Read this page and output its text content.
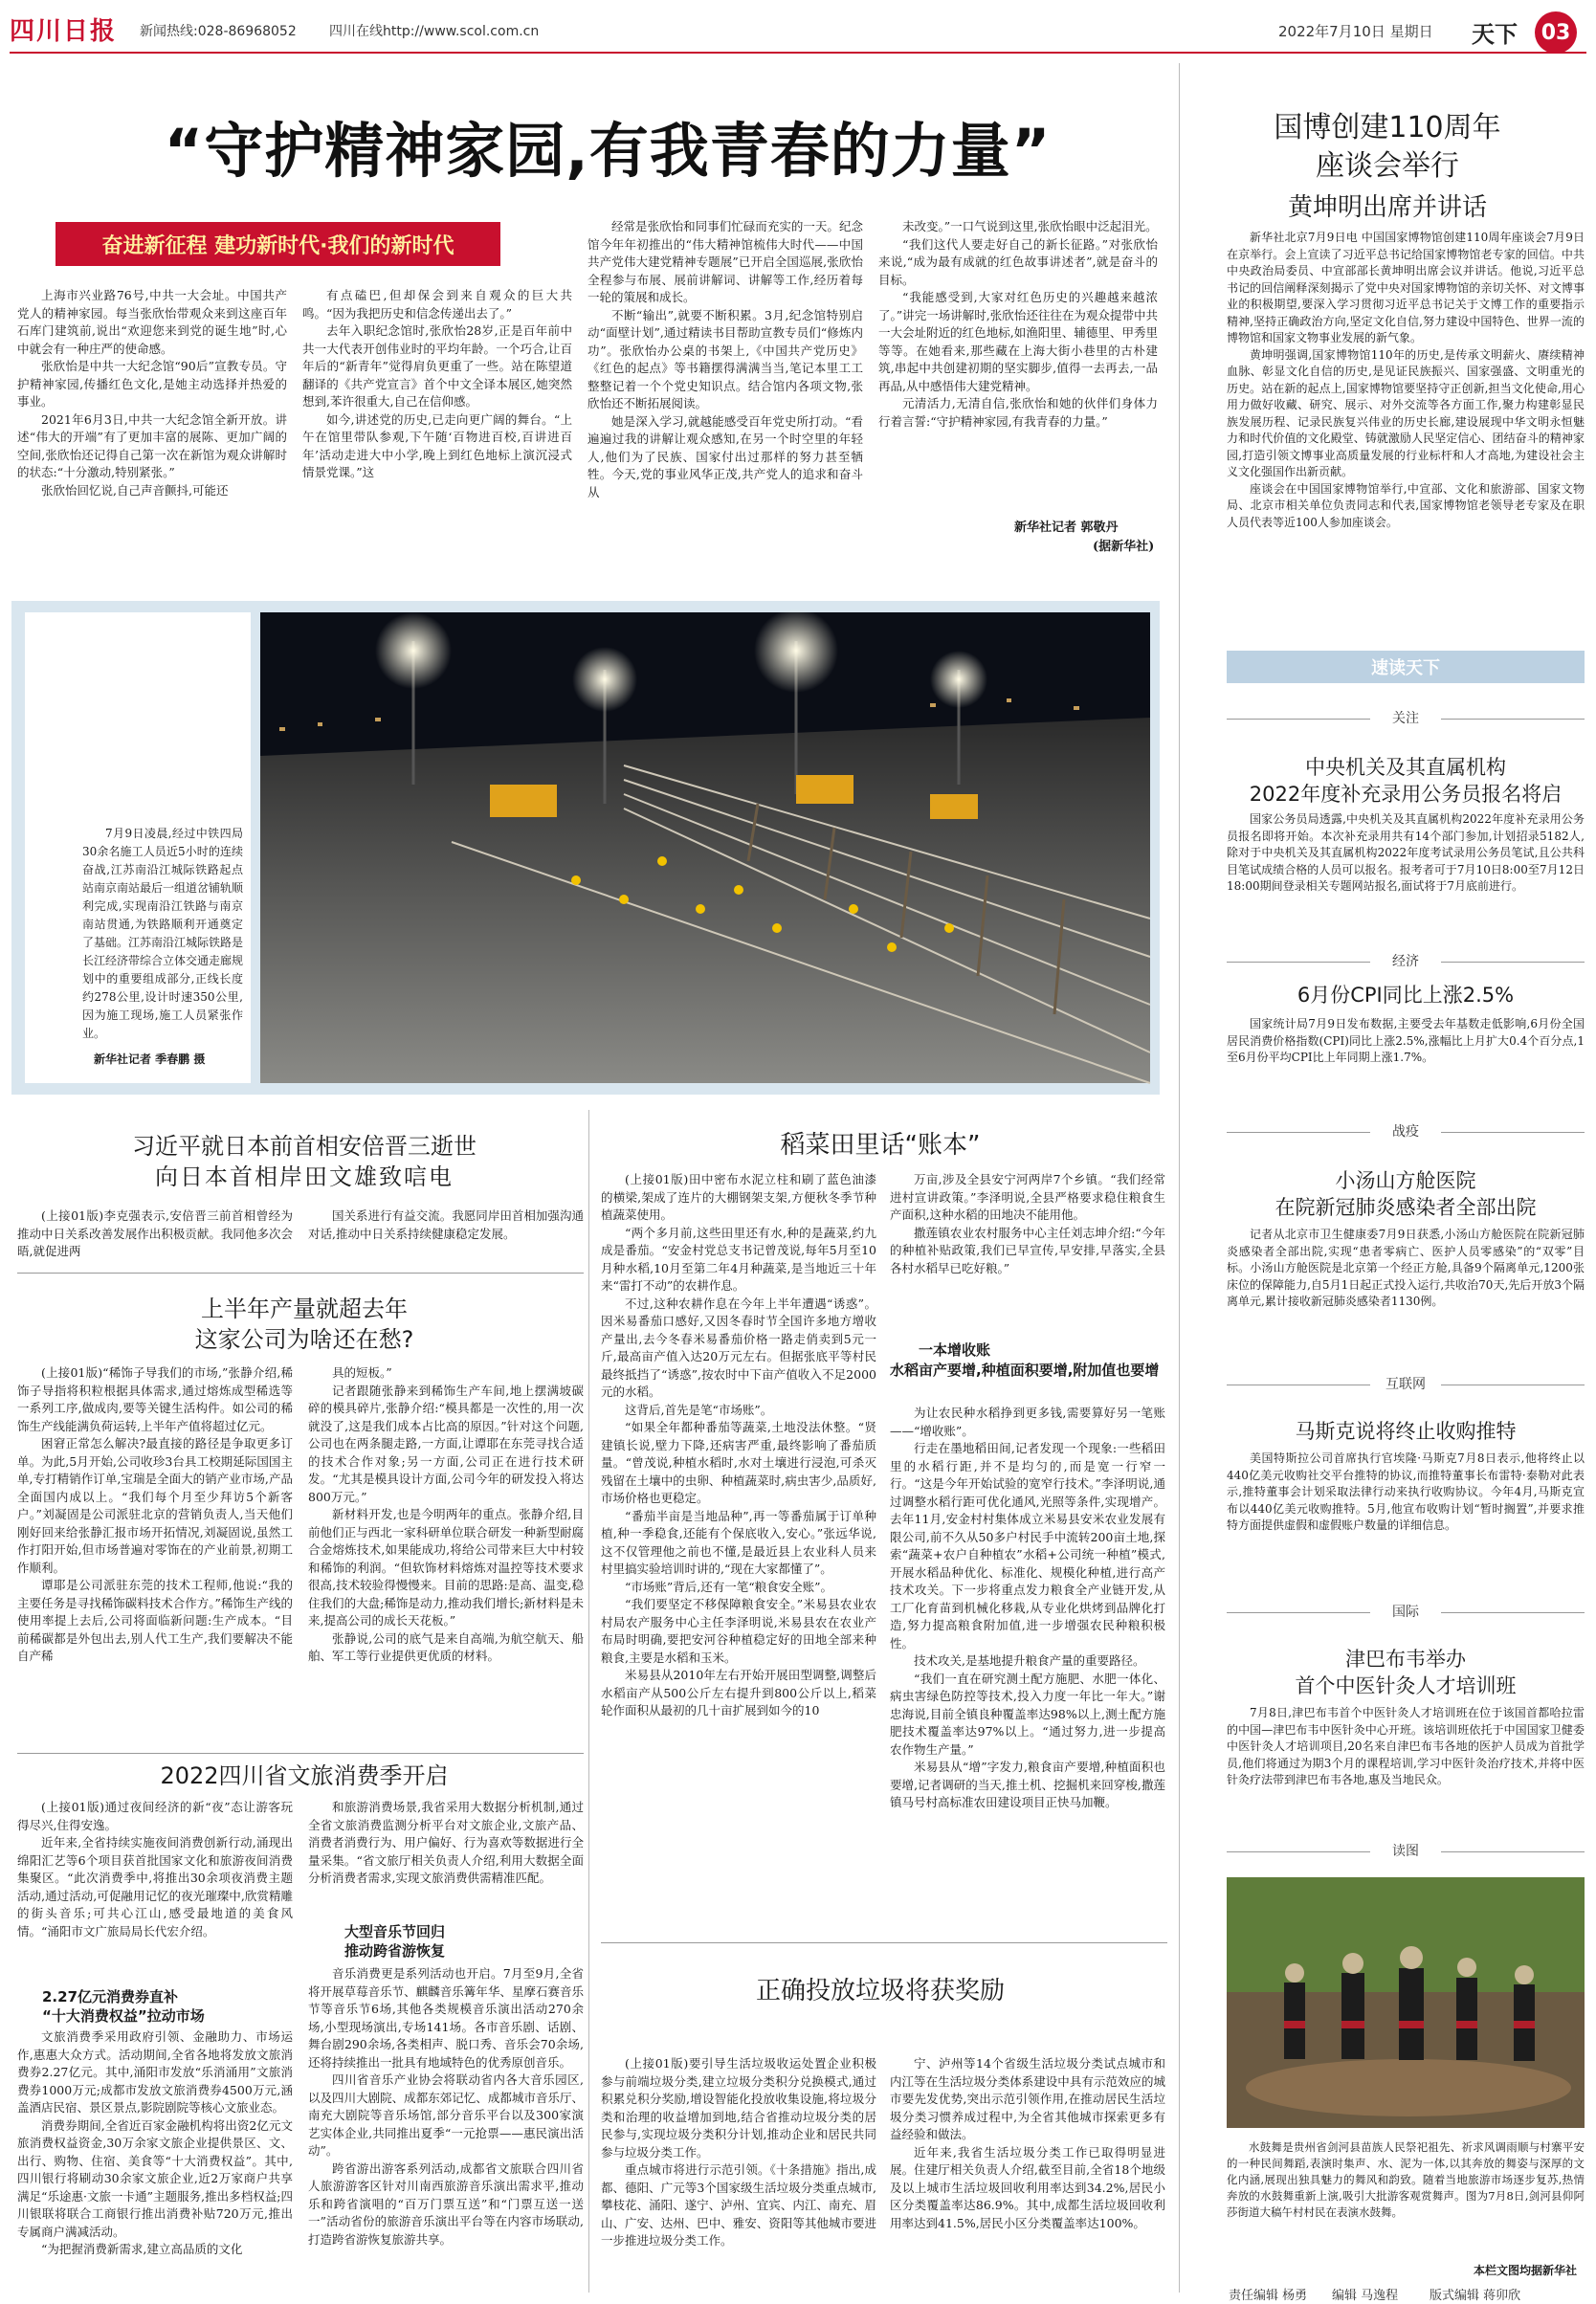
四川日报	新闻热线:028-86968052 四川在线http://www.scol.com.cn	2022年7月10日 星期日 天下	03
“守护精神家园,有我青春的力量”
奋进新征程 建功新时代·我们的新时代

上海市兴业路76号,中共一大会址。中国共产党人的精神家园。每当张欣怡带观众来到这座百年石库门建筑前,说出“欢迎您来到党的诞生地”时,心中就会有一种庄严的使命感。

张欣怡是中共一大纪念馆“90后”宣教专员。守护精神家园,传播红色文化,是她主动选择并热爱的事业。

2021年6月3日,中共一大纪念馆全新开放。讲述“伟大的开端”有了更加丰富的展陈、更加广阔的空间,张欣怡还记得自己第一次在新馆为观众讲解时的状态:“十分激动,特别紧张。”

张欣怡回忆说,自己声音颤抖,可能还

有点磕巴,但却保会到来自观众的巨大共鸣。“因为我把历史和信念传递出去了。”

去年入职纪念馆时,张欣怡28岁,正是百年前中共一大代表开创伟业时的平均年龄。一个巧合,让百年后的“新青年”觉得肩负更重了一些。站在陈望道翻译的《共产党宣言》首个中文全译本展区,她突然想到,苯许很重大,自己在信仰感。

如今,讲述党的历史,已走向更广阔的舞台。“上午在馆里带队参观,下午随‘百物进百校,百讲进百年’活动走进大中小学,晚上到红色地标上演沉浸式情景党课。”这

经常是张欣怡和同事们忙碌而充实的一天。纪念馆今年年初推出的“伟大精神馆梳伟大时代——中国共产党伟大建党精神专题展”已开启全国巡展,张欣怡全程参与布展、展前讲解词、讲解等工作,经历着每一轮的策展和成长。

不断“输出”,就要不断积累。3月,纪念馆特别启动“面壁计划”,通过精读书目帮助宣教专员们“修炼内功”。张欣怡办公桌的书架上,《中国共产党历史》《红色的起点》等书籍摆得满满当当,笔记本里工工整整记着一个个党史知识点。结合馆内各项文物,张欣怡还不断拓展阅读。

她是深入学习,就越能感受百年党史所打动。“看遍遍过我的讲解让观众感知,在另一个时空里的年轻人,他们为了民族、国家付出过那样的努力甚至牺牲。今天,党的事业风华正茂,共产党人的追求和奋斗从

未改变。”一口气说到这里,张欣怡眼中泛起泪光。

“我们这代人要走好自己的新长征路。”对张欣怡来说,“成为最有成就的红色故事讲述者”,就是奋斗的目标。

“我能感受到,大家对红色历史的兴趣越来越浓了。”讲完一场讲解时,张欣怡还往往在为观众提带中共一大会址附近的红色地标,如渔阳里、辅德里、甲秀里等等。在她看来,那些藏在上海大街小巷里的古朴建筑,串起中共创建初期的坚实脚步,值得一去再去,一品再品,从中感悟伟大建党精神。

元清活力,无清自信,张欣怡和她的伙伴们身体力行着言誓:“守护精神家园,有我青春的力量。”

新华社记者 郭敬丹
(据新华社)
7月9日凌晨,经过中铁四局30余名施工人员近5小时的连续奋战,江苏南沿江城际铁路起点站南京南站最后一组道岔铺轨顺利完成,实现南沿江铁路与南京南站贯通,为铁路顺利开通奠定了基础。江苏南沿江城际铁路是长江经济带综合立体交通走廊规划中的重要组成部分,正线长度约278公里,设计时速350公里,因为施工现场,施工人员紧张作业。
新华社记者 季春鹏 摄
习近平就日本前首相安倍晋三逝世
向日本首相岸田文雄致唁电
(上接01版)李克强表示,安倍晋三前首相曾经为推动中日关系改善发展作出积极贡献。我同他多次会晤,就促进两
国关系进行有益交流。我愿同岸田首相加强沟通对话,推动中日关系持续健康稳定发展。
上半年产量就超去年
这家公司为啥还在愁?

(上接01版)“稀饰子导我们的市场,”张静介绍,稀饰子导指将积粒根据具体需求,通过熔炼成型稀选等一系列工序,做成肉,要等关键生活构件。如公司的稀饰生产线能满负荷运转,上半年产值将超过亿元。

困窘正常怎么解决?最直接的路径是争取更多订单。为此,5月开始,公司收珍3台具工校期延际国国主单,专打精销作订单,宝瑞是全面大的销产业市场,产品全面国内成以上。“我们每个月至少拜访5个新客户。”刘凝固是公司派驻北京的营销负责人,当天他们刚好回来给张静汇报市场开拓情况,刘凝固说,虽然工作打阳开始,但市场普遍对零饰在的产业前景,初期工作顺利。

谭耶是公司派驻东莞的技术工程师,他说:“我的主要任务是寻找稀饰碳料技术合作方。”稀饰生产线的使用率提上去后,公司将面临新问题:生产成本。“目前稀碳都是外包出去,别人代工生产,我们要解决不能自产稀

具的短板。”

记者跟随张静来到稀饰生产车间,地上摆满坡碳碎的模具碎片,张静介绍:“模具都是一次性的,用一次就没了,这是我们成本占比高的原因。”针对这个问题,公司也在两条腿走路,一方面,让谭耶在东莞寻找合适的技术合作对象;另一方面,公司正在进行技术研发。“尤其是模具设计方面,公司今年的研发投入将达800万元。”

新材料开发,也是今明两年的重点。张静介绍,目前他们正与西北一家科研单位联合研发一种新型耐腐合金熔炼技术,如果能成功,将给公司带来巨大中村较和稀饰的利润。“但软饰材料熔炼对温控等技术要求很高,技术较验得慢慢来。目前的思路:是高、温变,稳住我们的大盘;稀饰是动力,推动我们增长;新材料是未来,提高公司的成长天花板。”

张静说,公司的底气是来自高端,为航空航天、船舶、军工等行业提供更优质的材料。

2022四川省文旅消费季开启

(上接01版)通过夜间经济的新“夜”态让游客玩得尽兴,住得安逸。

近年来,全省持续实施夜间消费创新行动,涌现出绵阳汇艺等6个项目获首批国家文化和旅游夜间消费集聚区。“此次消费季中,将推出30余项夜消费主题活动,通过活动,可促融用记忆的夜光璀璨中,欣赏精雕的街头音乐;可共心江山,感受最地道的美食风情。“涌阳市文广旅局局长代宏介绍。

2.27亿元消费券直补
“十大消费权益”拉动市场

文旅消费季采用政府引领、金融助力、市场运作,惠惠大众方式。活动期间,全省各地将发放文旅消费券2.27亿元。其中,涌阳市发放“乐消涌用”文旅消费券1000万元;成都市发放文旅消费券4500万元,涵盖酒店民宿、景区景点,影院剧院等核心文旅业态。

消费券期间,全省近百家金融机构将出资2亿元文旅消费权益资金,30万余家文旅企业提供景区、文、出行、购物、住宿、美食等“十大消费权益”。其中,四川银行将刷动30余家文旅企业,近2万家商户共享满足“乐途惠·文旅一卡通”主题服务,推出多档权益;四川银联将联合工商银行推出消费补贴720万元,推出专属商户满减活动。

“为把握消费新需求,建立高品质的文化

和旅游消费场景,我省采用大数据分析机制,通过全省文旅消费监测分析平台对文旅企业,文旅产品、消费者消费行为、用户偏好、行为喜欢等数据进行全量采集。“省文旅厅相关负责人介绍,利用大数据全面分析消费者需求,实现文旅消费供需精准匹配。

大型音乐节回归
推动跨省游恢复

音乐消费更是系列活动也开启。7月至9月,全省将开展草莓音乐节、麒麟音乐篝年华、星摩石赛音乐节等音乐节6场,其他各类规模音乐演出活动270余场,小型现场演出,专场141场。各市音乐剧、话剧、舞台剧290余场,各类相声、脱口秀、音乐会70余场,还将持续推出一批具有地域特色的优秀原创音乐。

四川省音乐产业协会将联动省内各大音乐园区,以及四川大剧院、成都东郊记忆、成都城市音乐厅、南充大剧院等音乐场馆,部分音乐平台以及300家演艺实体企业,共同推出夏季“一元抢票——惠民演出活动”。

跨省游出游客系列活动,成都省文旅联合四川省人旅游游客区针对川南西旅游音乐演出需求平,推动乐和跨省演唱的“百万门票互送”和“门票互送一送一”活动省份的旅游音乐演出平台等在内容市场联动,打造跨省游恢复旅游共享。

稻菜田里话“账本”

(上接01版)田中密布水泥立柱和刷了蓝色油漆的横梁,架成了连片的大棚钢架支架,方便秋冬季节种植蔬菜使用。

“两个多月前,这些田里还有水,种的是蔬菜,约九成是番茄。“安金村党总支书记曾茂说,每年5月至10月种水稻,10月至第二年4月种蔬菜,是当地近三十年来“雷打不动”的农耕作息。

不过,这种农耕作息在今年上半年遭遇“诱惑”。因米易番茄口感好,又因冬春时节全国许多地方增收产量出,去今冬春米易番茄价格一路走俏卖到5元一斤,最高亩产值入达20万元左右。但据张底平等村民最终抵挡了“诱惑”,按农时中下亩产值收入不足2000元的水稻。

这背后,首先是笔“市场账”。

“如果全年都种番茄等蔬菜,土地没法休整。“贤建镇长说,壁力下降,还病害严重,最终影响了番茄质量。“曾茂说,种植水稻时,水对土壤进行浸泡,可杀灭残留在土壤中的虫卵、种植蔬菜时,病虫害少,品质好,市场价格也更稳定。

“番茄半亩是当地品种”,再一等番茄属于订单种植,种一季稳食,还能有个保底收入,安心。”张远华说,这不仅管理他之前也不懂,是最近县上农业科人员来村里搞实验培训时讲的,“现在大家都懂了”。

“市场账”背后,还有一笔“粮食安全账”。

“我们要坚定不移保障粮食安全。”米易县农业农村局农产服务中心主任李泽明说,米易县农在农业产布局时明确,要把安河谷种植稳定好的田地全部来种粮食,主要是水稻和玉米。

米易县从2010年左右开始开展田型调整,调整后水稻亩产从500公斤左右提升到800公斤以上,稻菜轮作面积从最初的几十亩扩展到如今的10

万亩,涉及全县安宁河两岸7个乡镇。“我们经常进村宣讲政策。”李泽明说,全县严格要求稳住粮食生产面积,这种水稻的田地决不能用他。

撒莲镇农业农村服务中心主任刘志坤介绍:“今年的种植补贴政策,我们已早宣传,早安排,早落实,全县各村水稻早已吃好粮。”

一本增收账
水稻亩产要增,种植面积要增,附加值也要增

为让农民种水稻挣到更多钱,需要算好另一笔账——“增收账”。

行走在墨地稻田间,记者发现一个现象:一些稻田里的水稻行距,并不是均匀的,而是宽一行窄一行。“这是今年开始试验的宽窄行技术。”李泽明说,通过调整水稻行距可优化通风,光照等条件,实现增产。去年11月,安金村村集体成立米易县安米农业发展有限公司,前不久从50多户村民手中流转200亩土地,探索“蔬菜+农户自种植农”水稻+公司统一种植”模式,开展水稻品种优化、标准化、规模化种植,进行高产技术攻关。下一步将重点发力粮食全产业链开发,从工厂化育苗到机械化移栽,从专业化烘烤到品牌化打造,努力提高粮食附加值,进一步增强农民种粮积极性。

技术攻关,是基地提升粮食产量的重要路径。

“我们一直在研究测土配方施肥、水肥一体化、病虫害绿色防控等技术,投入力度一年比一年大。”谢忠海说,目前全镇良种覆盖率达98%以上,测土配方施肥技术覆盖率达97%以上。“通过努力,进一步提高农作物生产量。”

米易县从“增”字发力,粮食亩产要增,种植面积也要增,记者调研的当天,推土机、挖掘机来回穿梭,撒莲镇马号村高标准农田建设项目正快马加鞭。

正确投放垃圾将获奖励

(上接01版)要引导生活垃圾收运处置企业积极参与前端垃圾分类,建立垃圾分类积分兑换模式,通过积累兑积分奖励,增设智能化投放收集设施,将垃圾分类和治理的收益增加到地,结合省推动垃圾分类的居民参与,实现垃圾分类积分计划,推动企业和居民共同参与垃圾分类工作。

重点城市将进行示范引领。《十条措施》指出,成都、德阳、广元等3个国家级生活垃圾分类重点城市,攀枝花、涌阳、遂宁、泸州、宜宾、内江、南充、眉山、广安、达州、巴中、雅安、资阳等其他城市要进一步推进垃圾分类工作。

宁、泸州等14个省级生活垃圾分类试点城市和内江等在生活垃圾分类体系建设中具有示范效应的城市要先发优势,突出示范引领作用,在推动居民生活垃圾分类习惯养成过程中,为全省其他城市探索更多有益经验和做法。

近年来,我省生活垃圾分类工作已取得明显进展。住建厅相关负责人介绍,截至目前,全省18个地级及以上城市生活垃圾回收利用率达到34.2%,居民小区分类覆盖率达86.9%。其中,成都生活垃圾回收利用率达到41.5%,居民小区分类覆盖率达100%。

国博创建110周年
座谈会举行
黄坤明出席并讲话

新华社北京7月9日电 中国国家博物馆创建110周年座谈会7月9日在京举行。会上宣读了习近平总书记给国家博物馆老专家的回信。中共中央政治局委员、中宣部部长黄坤明出席会议并讲话。他说,习近平总书记的回信阐释深刻揭示了党中央对国家博物馆的亲切关怀、对文博事业的积极期望,要深入学习贯彻习近平总书记关于文博工作的重要指示精神,坚持正确政治方向,坚定文化自信,努力建设中国特色、世界一流的博物馆和国家文物事业发展的新气象。

黄坤明强调,国家博物馆110年的历史,是传承文明薪火、赓续精神血脉、彰显文化自信的历史,是见证民族振兴、国家强盛、文明重光的历史。站在新的起点上,国家博物馆要坚持守正创新,担当文化使命,用心用力做好收藏、研究、展示、对外交流等各方面工作,聚力构建彰显民族发展历程、记录民族复兴伟业的历史长廊,建设展现中华文明永恒魅力和时代价值的文化殿堂、铸就激励人民坚定信心、团结奋斗的精神家园,打造引领文博事业高质量发展的行业标杆和人才高地,为建设社会主义文化强国作出新贡献。

座谈会在中国国家博物馆举行,中宣部、文化和旅游部、国家文物局、北京市相关单位负责同志和代表,国家博物馆老领导老专家及在职人员代表等近100人参加座谈会。

速读天下
关注
中央机关及其直属机构
2022年度补充录用公务员报名将启
国家公务员局透露,中央机关及其直属机构2022年度补充录用公务员报名即将开始。本次补充录用共有14个部门参加,计划招录5182人,除对于中央机关及其直属机构2022年度考试录用公务员笔试,且公共科目笔试成绩合格的人员可以报名。报考者可于7月10日8:00至7月12日18:00期间登录相关专题网站报名,面试将于7月底前进行。
经济
6月份CPI同比上涨2.5%
国家统计局7月9日发布数据,主要受去年基数走低影响,6月份全国居民消费价格指数(CPI)同比上涨2.5%,涨幅比上月扩大0.4个百分点,1至6月份平均CPI比上年同期上涨1.7%。
战疫
小汤山方舱医院
在院新冠肺炎感染者全部出院
记者从北京市卫生健康委7月9日获悉,小汤山方舱医院在院新冠肺炎感染者全部出院,实现“患者零病亡、医护人员零感染”的“双零”目标。小汤山方舱医院是北京第一个经正方舱,具备9个隔离单元,1200张床位的保障能力,自5月1日起正式投入运行,共收治70天,先后开放3个隔离单元,累计接收新冠肺炎感染者1130例。
互联网
马斯克说将终止收购推特
美国特斯拉公司首席执行官埃隆·马斯克7月8日表示,他将终止以440亿美元收购社交平台推特的协议,而推特董事长布雷特·泰勒对此表示,推特董事会计划采取法律行动来执行收购协议。今年4月,马斯克宣布以440亿美元收购推特。5月,他宣布收购计划“暂时搁置”,并要求推特方面提供虚假和虚假账户数量的详细信息。
国际
津巴布韦举办
首个中医针灸人才培训班
7月8日,津巴布韦首个中医针灸人才培训班在位于该国首都哈拉雷的中国—津巴布韦中医针灸中心开班。该培训班依托于中国国家卫健委中医针灸人才培训项目,20名来自津巴布韦各地的医护人员成为首批学员,他们将通过为期3个月的课程培训,学习中医针灸治疗技术,并将中医针灸疗法带到津巴布韦各地,惠及当地民众。
读图
水鼓舞是贵州省剑河县苗族人民祭祀祖先、祈求风调雨顺与村寨平安的一种民间舞蹈,表演时集声、水、泥为一体,以其奔放的舞姿与深厚的文化内涵,展现出独具魅力的舞风和韵致。随着当地旅游市场逐步复苏,热情奔放的水鼓舞重新上演,吸引大批游客观赏舞声。图为7月8日,剑河县仰阿莎街道大稿午村村民在表演水鼓舞。
本栏文图均据新华社
责任编辑 杨勇 编辑 马逸程	版式编辑 蒋卯欣
